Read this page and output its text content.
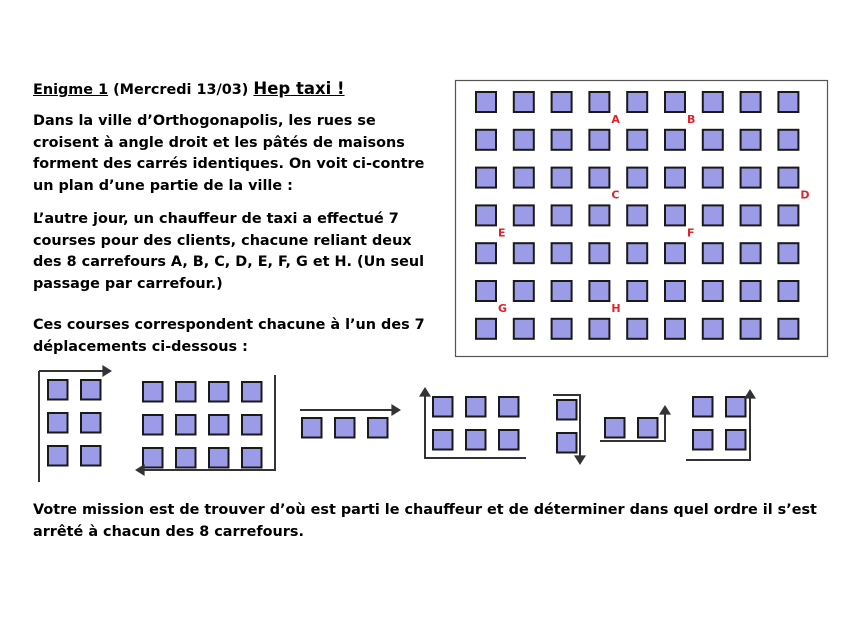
Enigme 1 (Mercredi 13/03) Hep taxi !

Dans la ville d’Orthogonapolis, les rues se croisent à angle droit et les pâtés de maisons forment des carrés identiques. On voit ci-contre un plan d’une partie de la ville :

L’autre jour, un chauffeur de taxi a effectué 7 courses pour des clients, chacune reliant deux des 8 carrefours A, B, C, D, E, F, G et H. (Un seul passage par carrefour.)

Ces courses correspondent chacune à l’un des 7 déplacements ci-dessous :

Votre mission est de trouver d’où est parti le chauffeur et de déterminer dans quel ordre il s’est arrêté à chacun des 8 carrefours.

A	B
C	D
E	F
G	H
